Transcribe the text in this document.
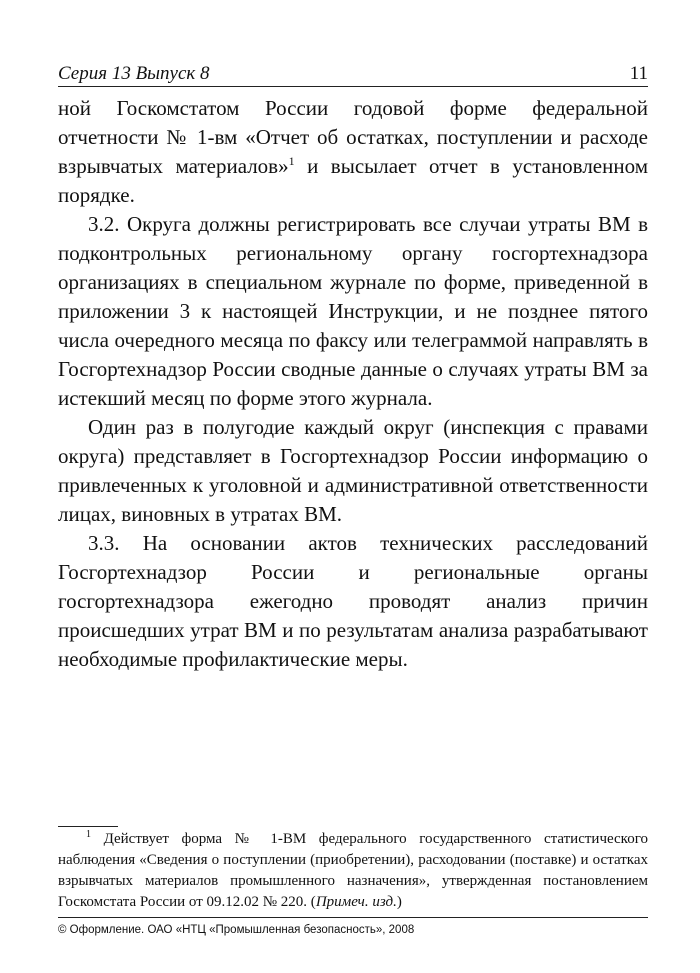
Серия 13 Выпуск 8	11

ной Госкомстатом России годовой форме федеральной отчетности № 1-вм «Отчет об остатках, поступлении и расходе взрывчатых материалов»$^1$ и высылает отчет в установленном порядке.

3.2. Округа должны регистрировать все случаи утраты ВМ в подконтрольных региональному органу госгортехнадзора организациях в специальном журнале по форме, приведенной в приложении 3 к настоящей Инструкции, и не позднее пятого числа очередного месяца по факсу или телеграммой направлять в Госгортехнадзор России сводные данные о случаях утраты ВМ за истекший месяц по форме этого журнала.

Один раз в полугодие каждый округ (инспекция с правами округа) представляет в Госгортехнадзор России информацию о привлеченных к уголовной и административной ответственности лицах, виновных в утратах ВМ.

3.3. На основании актов технических расследований Госгортехнадзор России и региональные органы госгортехнадзора ежегодно проводят анализ причин происшедших утрат ВМ и по результатам анализа разрабатывают необходимые профилактические меры.

$^1$ Действует форма № 1-ВМ федерального государственного статистического наблюдения «Сведения о поступлении (приобретении), расходовании (поставке) и остатках взрывчатых материалов промышленного назначения», утвержденная постановлением Госкомстата России от 09.12.02 № 220. (Примеч. изд.)

© Оформление. ОАО «НТЦ «Промышленная безопасность», 2008
